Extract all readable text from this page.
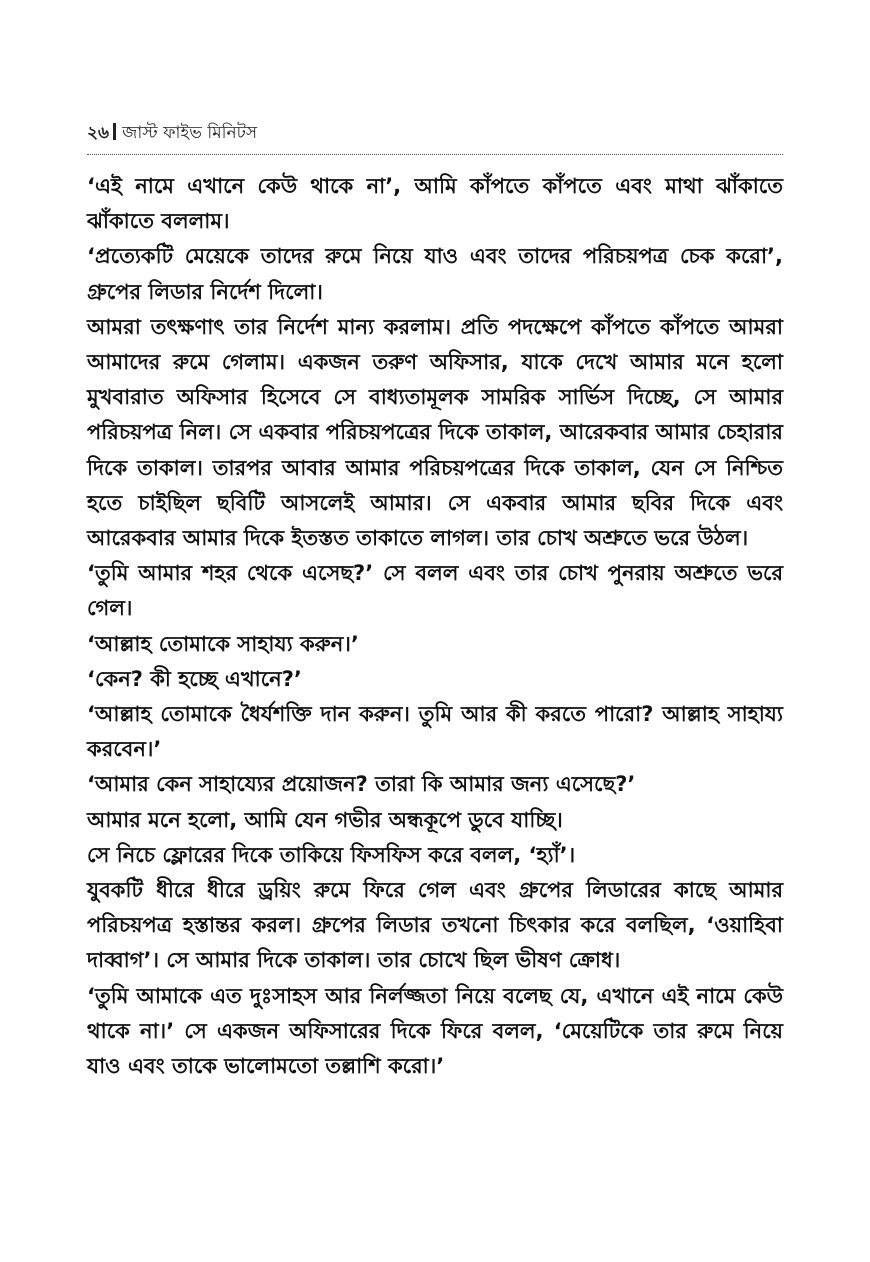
২৬ জাস্ট ফাইভ মিনিটস

‘এই নামে এখানে কেউ থাকে না’, আমি কাঁপতে কাঁপতে এবং মাথা ঝাঁকাতে ঝাঁকাতে বললাম।

‘প্রত্যেকটি মেয়েকে তাদের রুমে নিয়ে যাও এবং তাদের পরিচয়পত্র চেক করো’, গ্রুপের লিডার নির্দেশ দিলো।

আমরা তৎক্ষণাৎ তার নির্দেশ মান্য করলাম। প্রতি পদক্ষেপে কাঁপতে কাঁপতে আমরা আমাদের রুমে গেলাম। একজন তরুণ অফিসার, যাকে দেখে আমার মনে হলো মুখবারাত অফিসার হিসেবে সে বাধ্যতামূলক সামরিক সার্ভিস দিচ্ছে, সে আমার পরিচয়পত্র নিল। সে একবার পরিচয়পত্রের দিকে তাকাল, আরেকবার আমার চেহারার দিকে তাকাল। তারপর আবার আমার পরিচয়পত্রের দিকে তাকাল, যেন সে নিশ্চিত হতে চাইছিল ছবিটি আসলেই আমার। সে একবার আমার ছবির দিকে এবং আরেকবার আমার দিকে ইতস্তত তাকাতে লাগল। তার চোখ অশ্রুতে ভরে উঠল।

‘তুমি আমার শহর থেকে এসেছ?’ সে বলল এবং তার চোখ পুনরায় অশ্রুতে ভরে গেল।

‘আল্লাহ তোমাকে সাহায্য করুন।’

‘কেন? কী হচ্ছে এখানে?’

‘আল্লাহ তোমাকে ধৈর্যশক্তি দান করুন। তুমি আর কী করতে পারো? আল্লাহ সাহায্য করবেন।’

‘আমার কেন সাহায্যের প্রয়োজন? তারা কি আমার জন্য এসেছে?’

আমার মনে হলো, আমি যেন গভীর অন্ধকূপে ডুবে যাচ্ছি।

সে নিচে ফ্লোরের দিকে তাকিয়ে ফিসফিস করে বলল, ‘হ্যাঁ’।

যুবকটি ধীরে ধীরে ড্রয়িং রুমে ফিরে গেল এবং গ্রুপের লিডারের কাছে আমার পরিচয়পত্র হস্তান্তর করল। গ্রুপের লিডার তখনো চিৎকার করে বলছিল, ‘ওয়াহিবা দাব্বাগ’। সে আমার দিকে তাকাল। তার চোখে ছিল ভীষণ ক্রোধ।

‘তুমি আমাকে এত দুঃসাহস আর নির্লজ্জতা নিয়ে বলেছ যে, এখানে এই নামে কেউ থাকে না।’ সে একজন অফিসারের দিকে ফিরে বলল, ‘মেয়েটিকে তার রুমে নিয়ে যাও এবং তাকে ভালোমতো তল্লাশি করো।’
